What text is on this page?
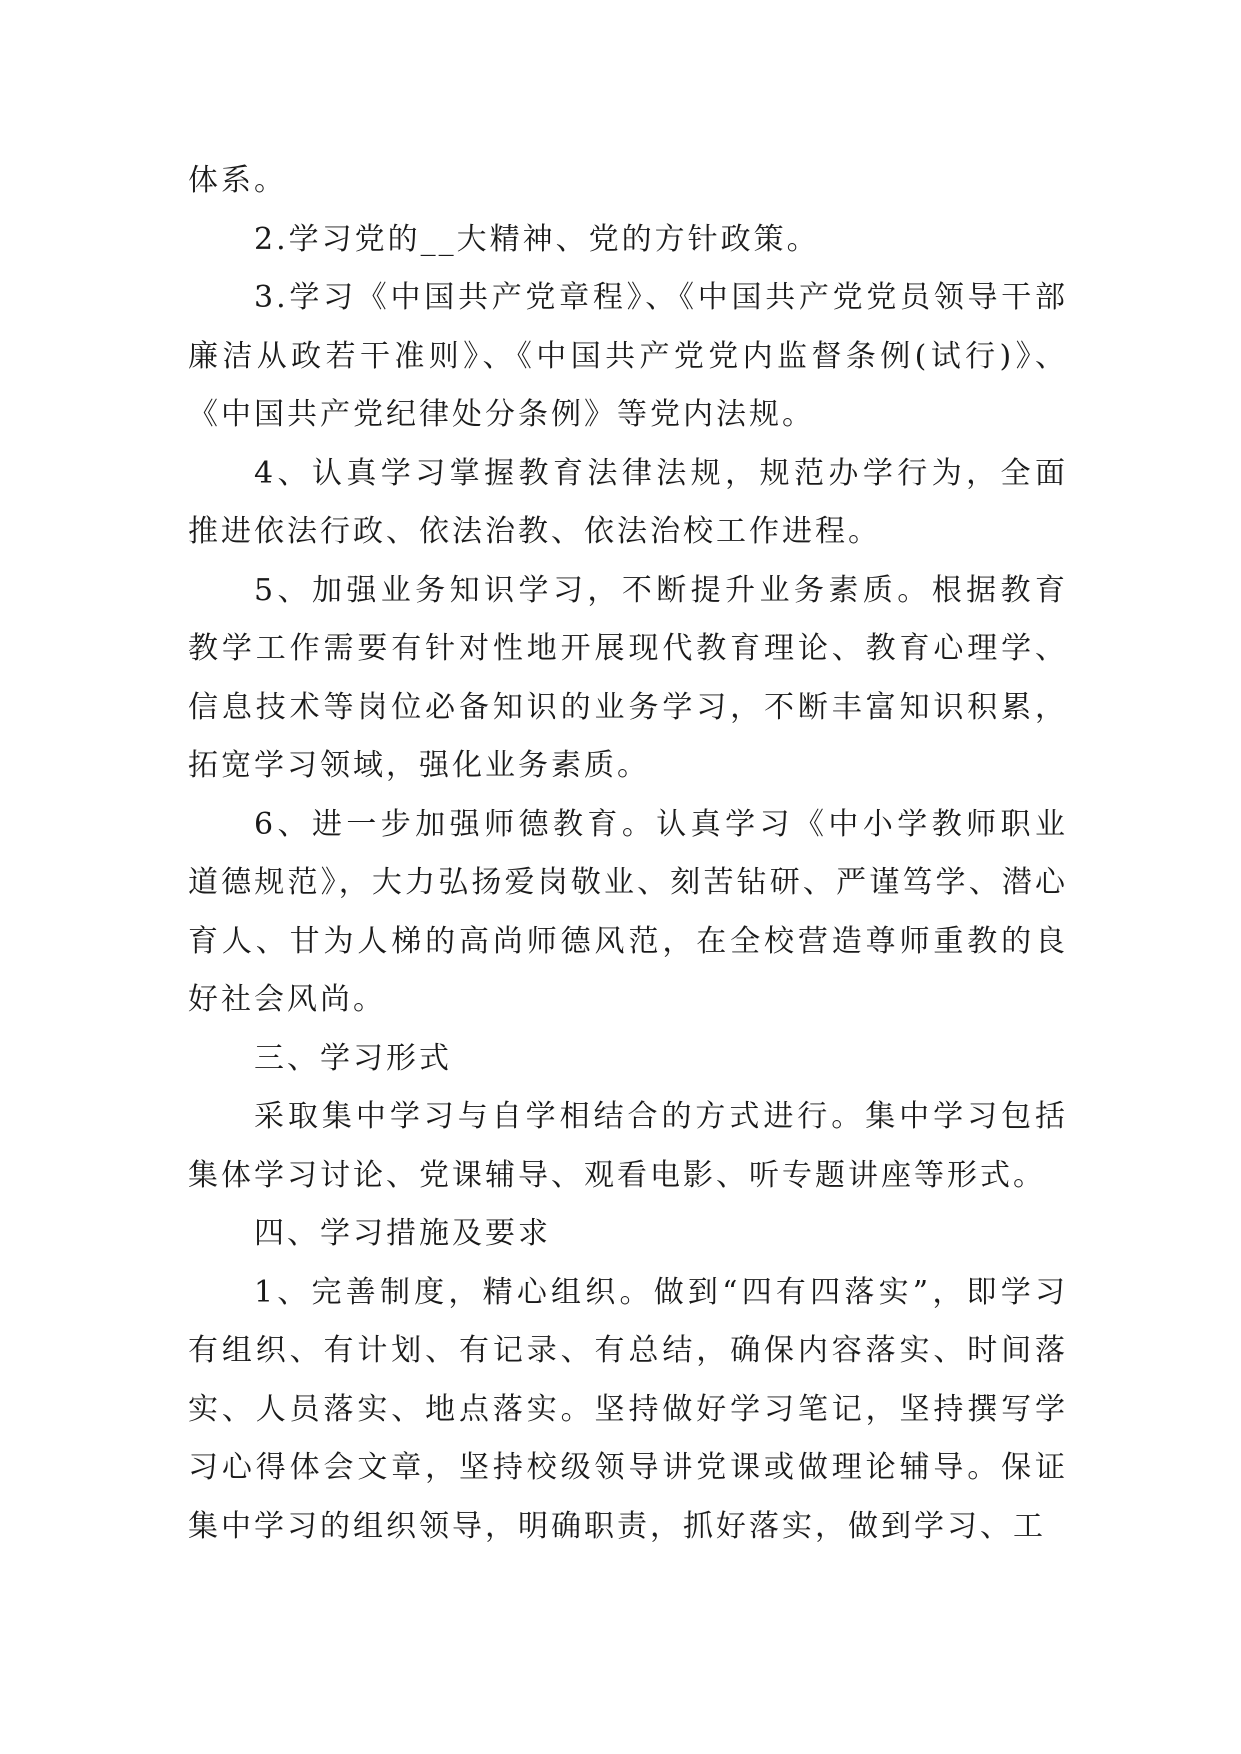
体系。

2.学习党的__大精神、党的方针政策。

3.学习《中国共产党章程》、《中国共产党党员领导干部廉洁从政若干准则》、《中国共产党党内监督条例(试行)》、《中国共产党纪律处分条例》等党内法规。

4、认真学习掌握教育法律法规，规范办学行为，全面推进依法行政、依法治教、依法治校工作进程。

5、加强业务知识学习，不断提升业务素质。根据教育教学工作需要有针对性地开展现代教育理论、教育心理学、信息技术等岗位必备知识的业务学习，不断丰富知识积累，拓宽学习领域，强化业务素质。

6、进一步加强师德教育。认真学习《中小学教师职业道德规范》，大力弘扬爱岗敬业、刻苦钻研、严谨笃学、潜心育人、甘为人梯的高尚师德风范，在全校营造尊师重教的良好社会风尚。

三、学习形式

采取集中学习与自学相结合的方式进行。集中学习包括集体学习讨论、党课辅导、观看电影、听专题讲座等形式。

四、学习措施及要求

1、完善制度，精心组织。做到“四有四落实”，即学习有组织、有计划、有记录、有总结，确保内容落实、时间落实、人员落实、地点落实。坚持做好学习笔记，坚持撰写学习心得体会文章，坚持校级领导讲党课或做理论辅导。保证集中学习的组织领导，明确职责，抓好落实，做到学习、工
